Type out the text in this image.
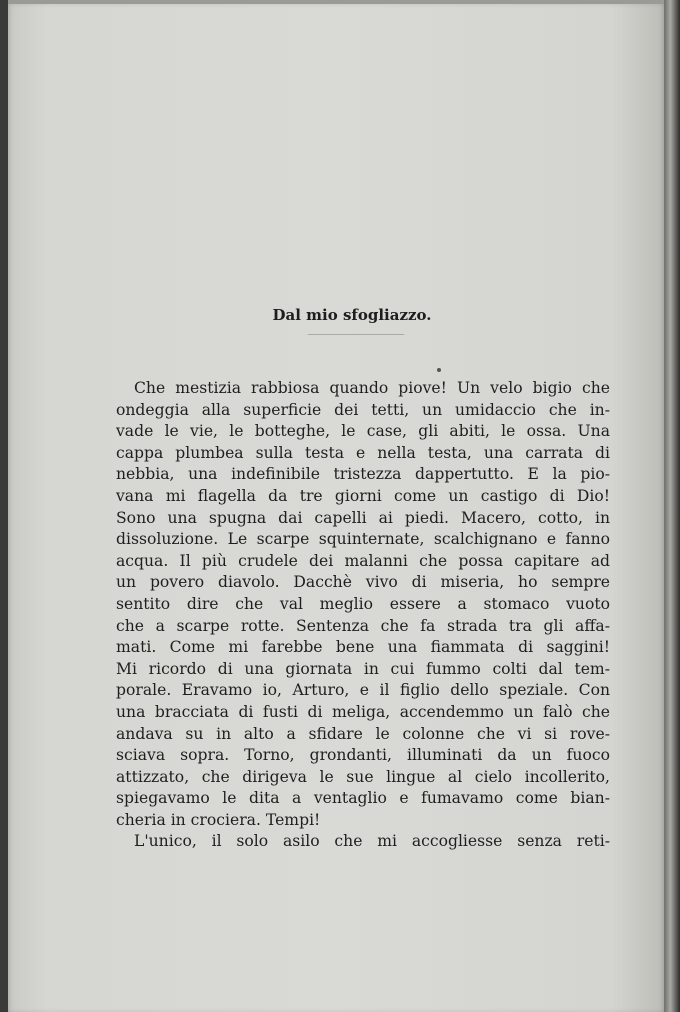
Dal mio sfogliazzo.
Che mestizia rabbiosa quando piove! Un velo bigio che
ondeggia alla superficie dei tetti, un umidaccio che in-
vade le vie, le botteghe, le case, gli abiti, le ossa. Una
cappa plumbea sulla testa e nella testa, una carrata di
nebbia, una indefinibile tristezza dappertutto. E la pio-
vana mi flagella da tre giorni come un castigo di Dio!
Sono una spugna dai capelli ai piedi. Macero, cotto, in
dissoluzione. Le scarpe squinternate, scalchignano e fanno
acqua. Il più crudele dei malanni che possa capitare ad
un povero diavolo. Dacchè vivo di miseria, ho sempre
sentito dire che val meglio essere a stomaco vuoto
che a scarpe rotte. Sentenza che fa strada tra gli affa-
mati. Come mi farebbe bene una fiammata di saggini!
Mi ricordo di una giornata in cui fummo colti dal tem-
porale. Eravamo io, Arturo, e il figlio dello speziale. Con
una bracciata di fusti di meliga, accendemmo un falò che
andava su in alto a sfidare le colonne che vi si rove-
sciava sopra. Torno, grondanti, illuminati da un fuoco
attizzato, che dirigeva le sue lingue al cielo incollerito,
spiegavamo le dita a ventaglio e fumavamo come bian-
cheria in crociera. Tempi!
L'unico, il solo asilo che mi accogliesse senza reti-
